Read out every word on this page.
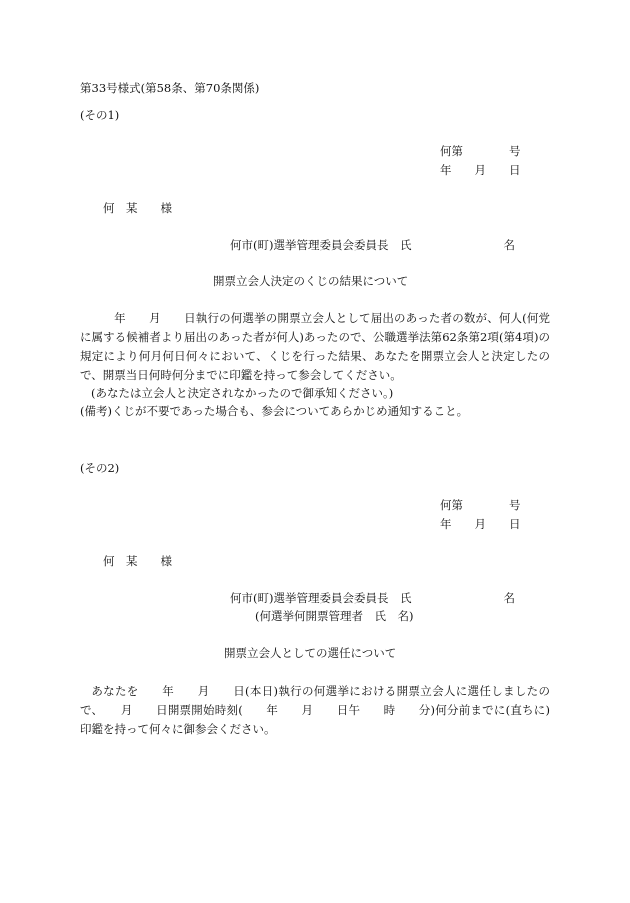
第33号様式(第58条、第70条関係)
(その1)
何第　　　　号
年　　月　　日
何　某　　様
何市(町)選挙管理委員会委員長　氏　　　　　　　　名
開票立会人決定のくじの結果について
年　　月　　日執行の何選挙の開票立会人として届出のあった者の数が、何人(何党に属する候補者より届出のあった者が何人)あったので、公職選挙法第62条第2項(第4項)の規定により何月何日何々において、くじを行った結果、あなたを開票立会人と決定したので、開票当日何時何分までに印鑑を持って参会してください。
(あなたは立会人と決定されなかったので御承知ください。)
(備考)くじが不要であった場合も、参会についてあらかじめ通知すること。
(その2)
何第　　　　号
年　　月　　日
何　某　　様
何市(町)選挙管理委員会委員長　氏　　　　　　　　名
(何選挙何開票管理者　氏　名)
開票立会人としての選任について
あなたを　　年　　月　　日(本日)執行の何選挙における開票立会人に選任しましたので、　　月　　日開票開始時刻(　　年　　月　　日午　　時　　分)何分前までに(直ちに)印鑑を持って何々に御参会ください。
